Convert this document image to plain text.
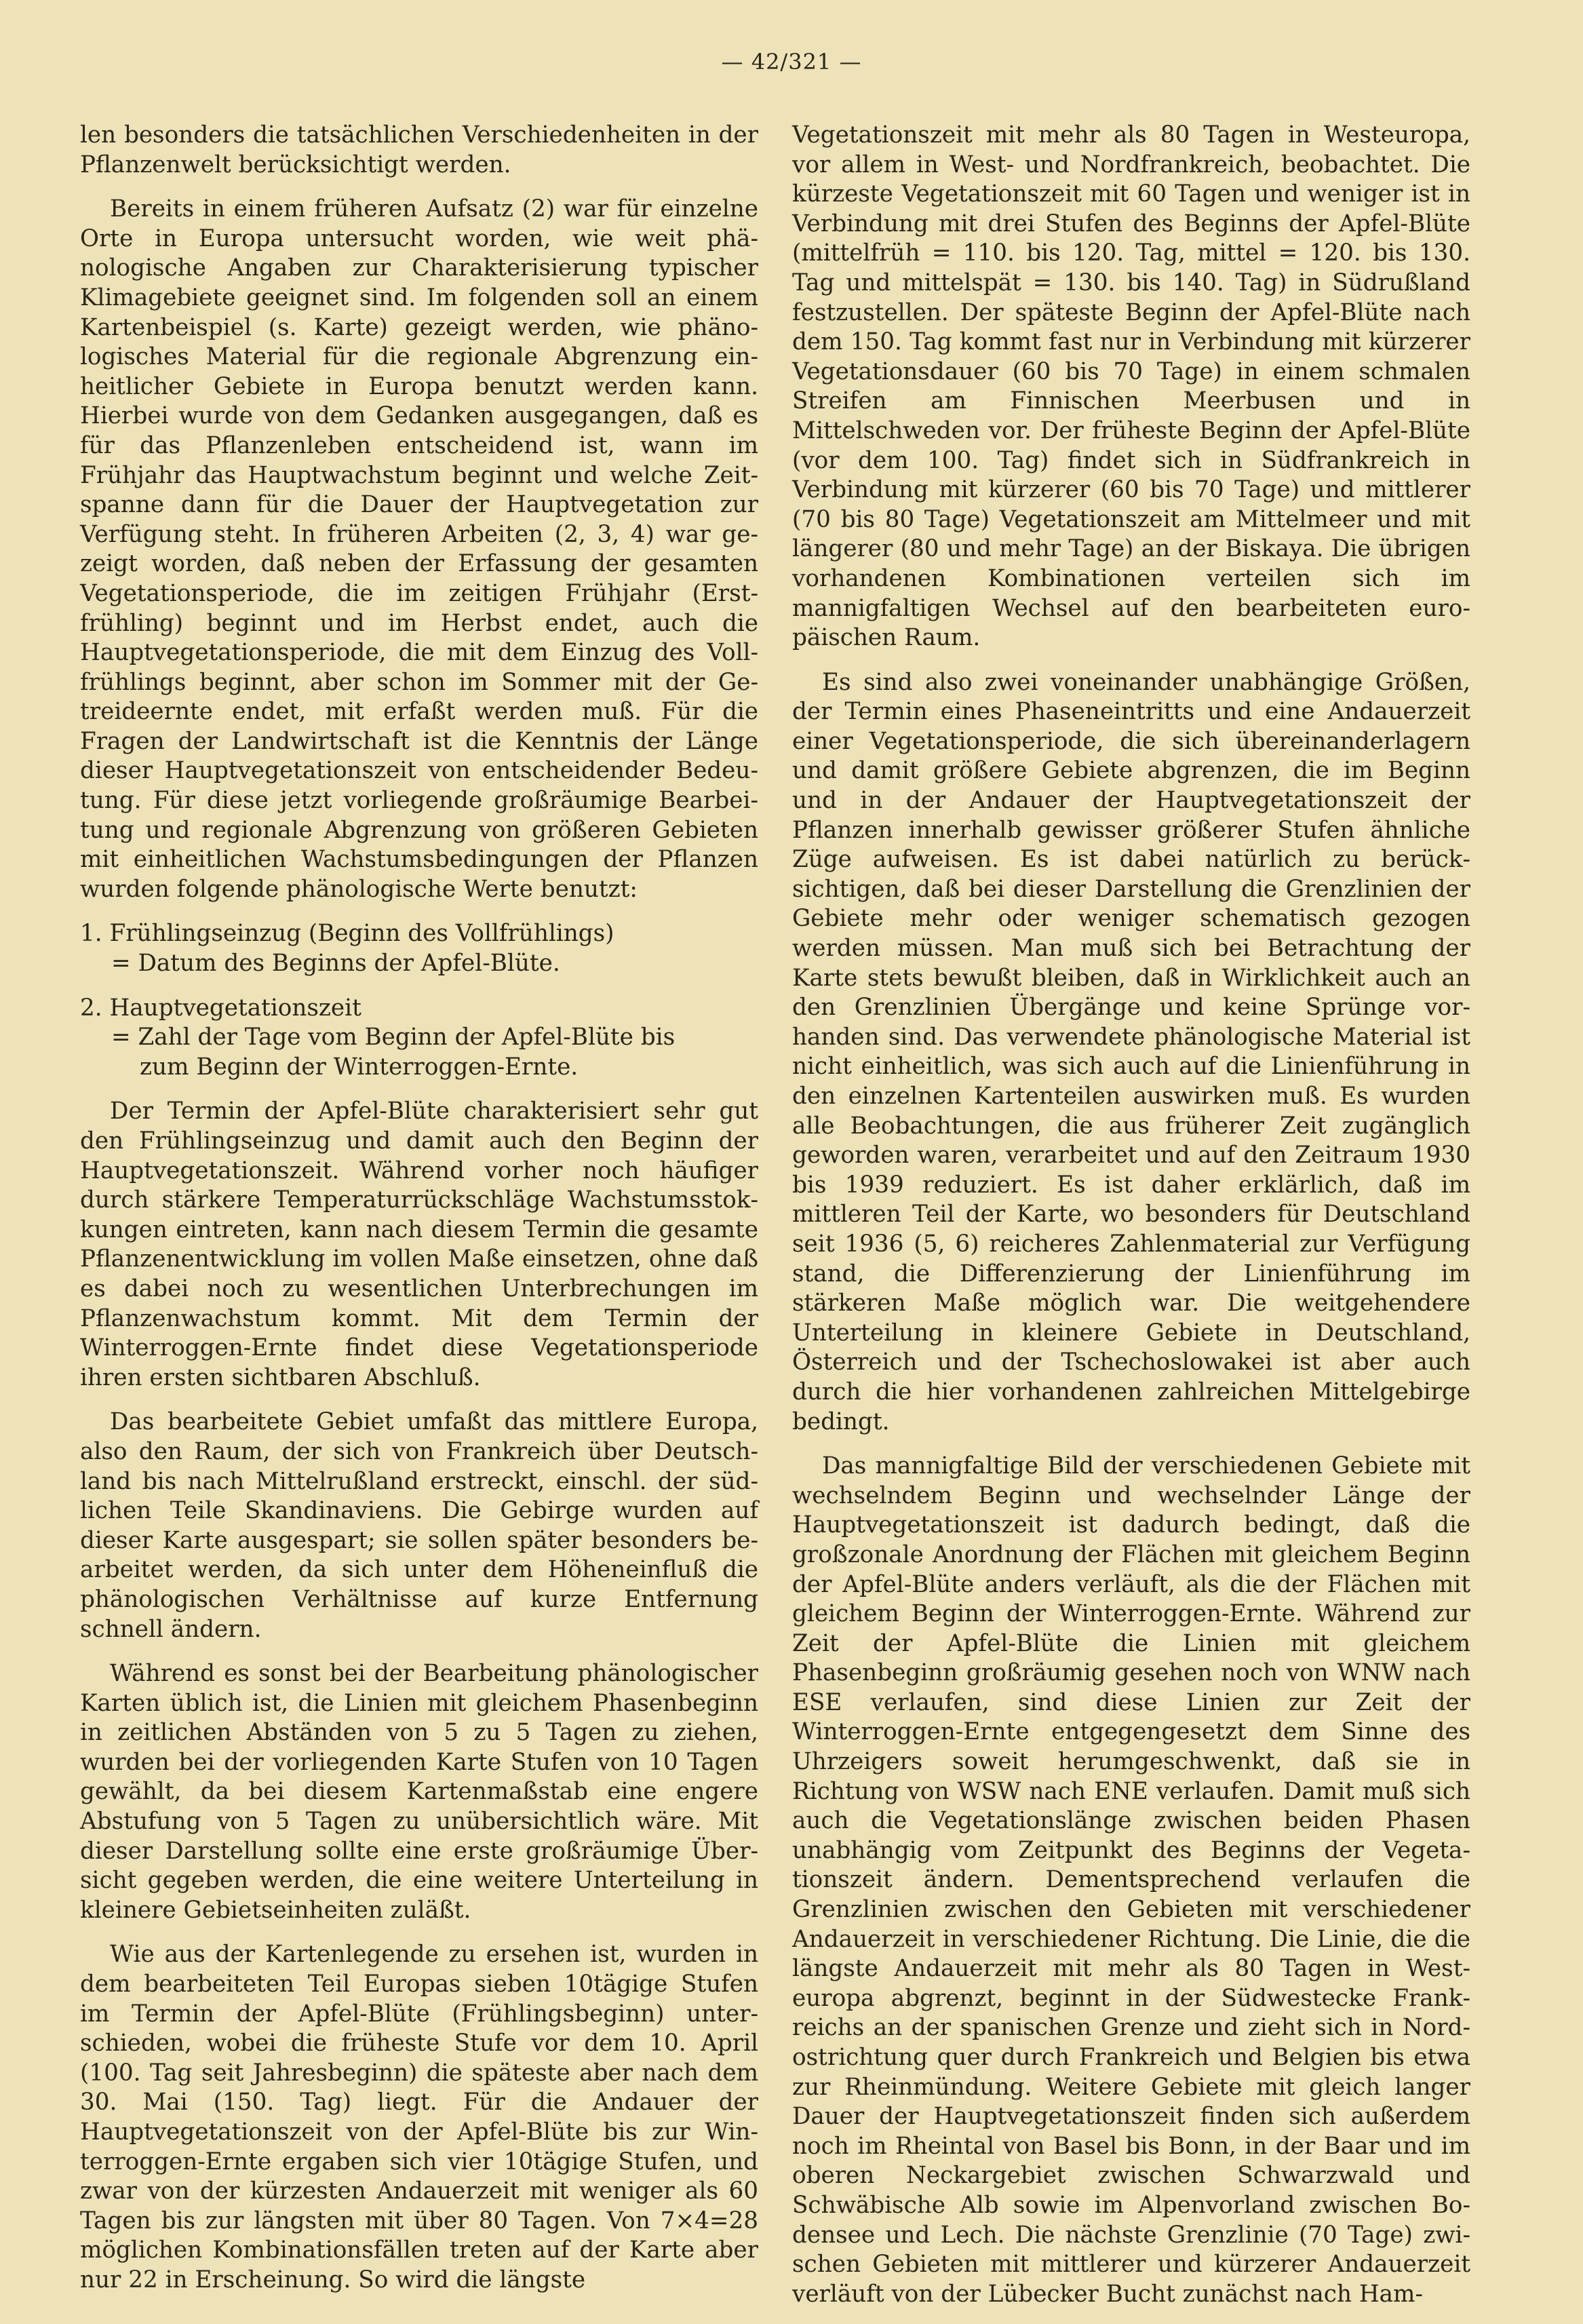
— 42/321 —

len besonders die tatsächlichen Verschiedenheiten in der Pflanzenwelt berücksichtigt werden.

Bereits in einem früheren Aufsatz (2) war für einzelne Orte in Europa untersucht worden, wie weit phänologische Angaben zur Charakterisierung typischer Klimagebiete geeignet sind. Im folgenden soll an einem Kartenbeispiel (s. Karte) gezeigt werden, wie phänologisches Material für die regionale Abgrenzung einheitlicher Gebiete in Europa benutzt werden kann. Hierbei wurde von dem Gedanken ausgegangen, daß es für das Pflanzenleben entscheidend ist, wann im Frühjahr das Hauptwachstum beginnt und welche Zeitspanne dann für die Dauer der Hauptvegetation zur Verfügung steht. In früheren Arbeiten (2, 3, 4) war gezeigt worden, daß neben der Erfassung der gesamten Vegetationsperiode, die im zeitigen Frühjahr (Erstfrühling) beginnt und im Herbst endet, auch die Hauptvegetationsperiode, die mit dem Einzug des Vollfrühlings beginnt, aber schon im Sommer mit der Getreideernte endet, mit erfaßt werden muß. Für die Fragen der Landwirtschaft ist die Kenntnis der Länge dieser Hauptvegetationszeit von entscheidender Bedeutung. Für diese jetzt vorliegende großräumige Bearbeitung und regionale Abgrenzung von größeren Gebieten mit einheitlichen Wachstumsbedingungen der Pflanzen wurden folgende phänologische Werte benutzt:

1. Frühlingseinzug (Beginn des Vollfrühlings)

= Datum des Beginns der Apfel-Blüte.

2. Hauptvegetationszeit

= Zahl der Tage vom Beginn der Apfel-Blüte bis

zum Beginn der Winterroggen-Ernte.

Der Termin der Apfel-Blüte charakterisiert sehr gut den Frühlingseinzug und damit auch den Beginn der Hauptvegetationszeit. Während vorher noch häufiger durch stärkere Temperaturrückschläge Wachstumsstokkungen eintreten, kann nach diesem Termin die gesamte Pflanzenentwicklung im vollen Maße einsetzen, ohne daß es dabei noch zu wesentlichen Unterbrechungen im Pflanzenwachstum kommt. Mit dem Termin der Winterroggen-Ernte findet diese Vegetationsperiode ihren ersten sichtbaren Abschluß.

Das bearbeitete Gebiet umfaßt das mittlere Europa, also den Raum, der sich von Frankreich über Deutschland bis nach Mittelrußland erstreckt, einschl. der südlichen Teile Skandinaviens. Die Gebirge wurden auf dieser Karte ausgespart; sie sollen später besonders bearbeitet werden, da sich unter dem Höheneinfluß die phänologischen Verhältnisse auf kurze Entfernung schnell ändern.

Während es sonst bei der Bearbeitung phänologischer Karten üblich ist, die Linien mit gleichem Phasenbeginn in zeitlichen Abständen von 5 zu 5 Tagen zu ziehen, wurden bei der vorliegenden Karte Stufen von 10 Tagen gewählt, da bei diesem Kartenmaßstab eine engere Abstufung von 5 Tagen zu unübersichtlich wäre. Mit dieser Darstellung sollte eine erste großräumige Übersicht gegeben werden, die eine weitere Unterteilung in kleinere Gebietseinheiten zuläßt.

Wie aus der Kartenlegende zu ersehen ist, wurden in dem bearbeiteten Teil Europas sieben 10tägige Stufen im Termin der Apfel-Blüte (Frühlingsbeginn) unterschieden, wobei die früheste Stufe vor dem 10. April (100. Tag seit Jahresbeginn) die späteste aber nach dem 30. Mai (150. Tag) liegt. Für die Andauer der Hauptvegetationszeit von der Apfel-Blüte bis zur Winterroggen-Ernte ergaben sich vier 10tägige Stufen, und zwar von der kürzesten Andauerzeit mit weniger als 60 Tagen bis zur längsten mit über 80 Tagen. Von 7×4=28 möglichen Kombinationsfällen treten auf der Karte aber nur 22 in Erscheinung. So wird die längste

Vegetationszeit mit mehr als 80 Tagen in Westeuropa, vor allem in West- und Nordfrankreich, beobachtet. Die kürzeste Vegetationszeit mit 60 Tagen und weniger ist in Verbindung mit drei Stufen des Beginns der Apfel-Blüte (mittelfrüh = 110. bis 120. Tag, mittel = 120. bis 130. Tag und mittelspät = 130. bis 140. Tag) in Südrußland festzustellen. Der späteste Beginn der Apfel-Blüte nach dem 150. Tag kommt fast nur in Verbindung mit kürzerer Vegetationsdauer (60 bis 70 Tage) in einem schmalen Streifen am Finnischen Meerbusen und in Mittelschweden vor. Der früheste Beginn der Apfel-Blüte (vor dem 100. Tag) findet sich in Südfrankreich in Verbindung mit kürzerer (60 bis 70 Tage) und mittlerer (70 bis 80 Tage) Vegetationszeit am Mittelmeer und mit längerer (80 und mehr Tage) an der Biskaya. Die übrigen vorhandenen Kombinationen verteilen sich im mannigfaltigen Wechsel auf den bearbeiteten europäischen Raum.

Es sind also zwei voneinander unabhängige Größen, der Termin eines Phaseneintritts und eine Andauerzeit einer Vegetationsperiode, die sich übereinanderlagern und damit größere Gebiete abgrenzen, die im Beginn und in der Andauer der Hauptvegetationszeit der Pflanzen innerhalb gewisser größerer Stufen ähnliche Züge aufweisen. Es ist dabei natürlich zu berücksichtigen, daß bei dieser Darstellung die Grenzlinien der Gebiete mehr oder weniger schematisch gezogen werden müssen. Man muß sich bei Betrachtung der Karte stets bewußt bleiben, daß in Wirklichkeit auch an den Grenzlinien Übergänge und keine Sprünge vorhanden sind. Das verwendete phänologische Material ist nicht einheitlich, was sich auch auf die Linienführung in den einzelnen Kartenteilen auswirken muß. Es wurden alle Beobachtungen, die aus früherer Zeit zugänglich geworden waren, verarbeitet und auf den Zeitraum 1930 bis 1939 reduziert. Es ist daher erklärlich, daß im mittleren Teil der Karte, wo besonders für Deutschland seit 1936 (5, 6) reicheres Zahlenmaterial zur Verfügung stand, die Differenzierung der Linienführung im stärkeren Maße möglich war. Die weitgehendere Unterteilung in kleinere Gebiete in Deutschland, Österreich und der Tschechoslowakei ist aber auch durch die hier vorhandenen zahlreichen Mittelgebirge bedingt.

Das mannigfaltige Bild der verschiedenen Gebiete mit wechselndem Beginn und wechselnder Länge der Hauptvegetationszeit ist dadurch bedingt, daß die großzonale Anordnung der Flächen mit gleichem Beginn der Apfel-Blüte anders verläuft, als die der Flächen mit gleichem Beginn der Winterroggen-Ernte. Während zur Zeit der Apfel-Blüte die Linien mit gleichem Phasenbeginn großräumig gesehen noch von WNW nach ESE verlaufen, sind diese Linien zur Zeit der Winterroggen-Ernte entgegengesetzt dem Sinne des Uhrzeigers soweit herumgeschwenkt, daß sie in Richtung von WSW nach ENE verlaufen. Damit muß sich auch die Vegetationslänge zwischen beiden Phasen unabhängig vom Zeitpunkt des Beginns der Vegetationszeit ändern. Dementsprechend verlaufen die Grenzlinien zwischen den Gebieten mit verschiedener Andauerzeit in verschiedener Richtung. Die Linie, die die längste Andauerzeit mit mehr als 80 Tagen in Westeuropa abgrenzt, beginnt in der Südwestecke Frankreichs an der spanischen Grenze und zieht sich in Nordostrichtung quer durch Frankreich und Belgien bis etwa zur Rheinmündung. Weitere Gebiete mit gleich langer Dauer der Hauptvegetationszeit finden sich außerdem noch im Rheintal von Basel bis Bonn, in der Baar und im oberen Neckargebiet zwischen Schwarzwald und Schwäbische Alb sowie im Alpenvorland zwischen Bodensee und Lech. Die nächste Grenzlinie (70 Tage) zwischen Gebieten mit mittlerer und kürzerer Andauerzeit verläuft von der Lübecker Bucht zunächst nach Ham-
